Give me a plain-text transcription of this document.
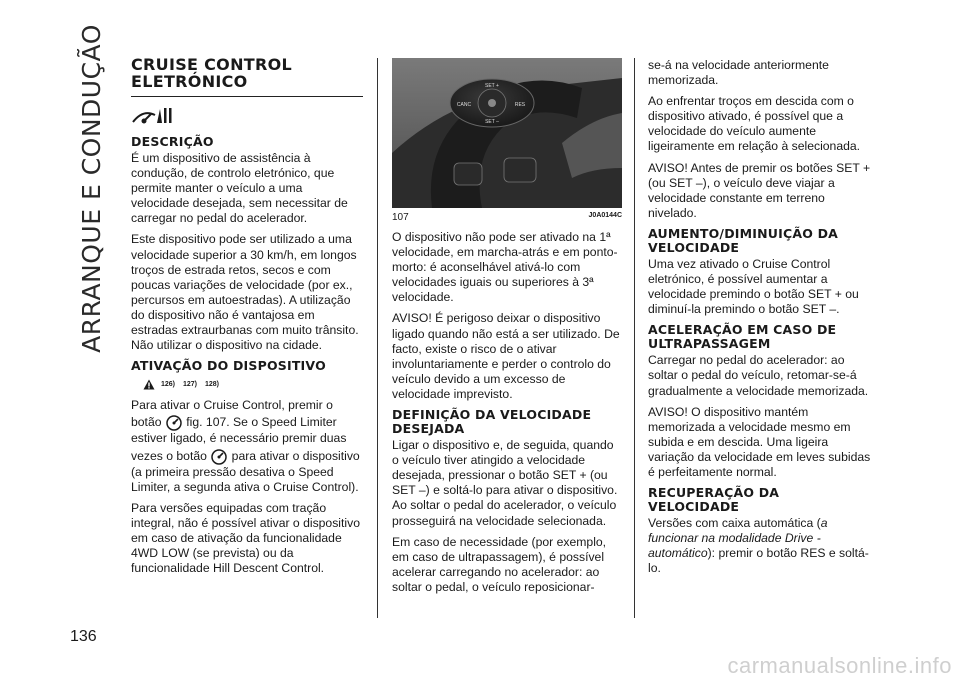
ARRANQUE E CONDUÇÃO
136
CRUISE CONTROL
ELETRÓNICO
DESCRIÇÃO

É um dispositivo de assistência à condução, de controlo eletrónico, que permite manter o veículo a uma velocidade desejada, sem necessitar de carregar no pedal do acelerador.

Este dispositivo pode ser utilizado a uma velocidade superior a 30 km/h, em longos troços de estrada retos, secos e com poucas variações de velocidade (por ex., percursos em autoestradas). A utilização do dispositivo não é vantajosa em estradas extraurbanas com muito trânsito. Não utilizar o dispositivo na cidade.

ATIVAÇÃO DO DISPOSITIVO
126) 127) 128)

Para ativar o Cruise Control, premir o botão fig. 107. Se o Speed Limiter estiver ligado, é necessário premir duas vezes o botão para ativar o dispositivo (a primeira pressão desativa o Speed Limiter, a segunda ativa o Cruise Control).

Para versões equipadas com tração integral, não é possível ativar o dispositivo em caso de ativação da funcionalidade 4WD LOW (se prevista) ou da funcionalidade Hill Descent Control.

SET +
SET –
CANC	RES
107	J0A0144C

O dispositivo não pode ser ativado na 1ª velocidade, em marcha-atrás e em ponto-morto: é aconselhável ativá-lo com velocidades iguais ou superiores à 3ª velocidade.

AVISO! É perigoso deixar o dispositivo ligado quando não está a ser utilizado. De facto, existe o risco de o ativar involuntariamente e perder o controlo do veículo devido a um excesso de velocidade imprevisto.

DEFINIÇÃO DA VELOCIDADE DESEJADA

Ligar o dispositivo e, de seguida, quando o veículo tiver atingido a velocidade desejada, pressionar o botão SET + (ou SET –) e soltá-lo para ativar o dispositivo. Ao soltar o pedal do acelerador, o veículo prosseguirá na velocidade selecionada.

Em caso de necessidade (por exemplo, em caso de ultrapassagem), é possível acelerar carregando no acelerador: ao soltar o pedal, o veículo reposicionar-

se-á na velocidade anteriormente memorizada.

Ao enfrentar troços em descida com o dispositivo ativado, é possível que a velocidade do veículo aumente ligeiramente em relação à selecionada.

AVISO! Antes de premir os botões SET + (ou SET –), o veículo deve viajar a velocidade constante em terreno nivelado.

AUMENTO/DIMINUIÇÃO DA VELOCIDADE

Uma vez ativado o Cruise Control eletrónico, é possível aumentar a velocidade premindo o botão SET + ou diminuí-la premindo o botão SET –.

ACELERAÇÃO EM CASO DE ULTRAPASSAGEM

Carregar no pedal do acelerador: ao soltar o pedal do veículo, retomar-se-á gradualmente a velocidade memorizada.

AVISO! O dispositivo mantém memorizada a velocidade mesmo em subida e em descida. Uma ligeira variação da velocidade em leves subidas é perfeitamente normal.

RECUPERAÇÃO DA VELOCIDADE

Versões com caixa automática (a funcionar na modalidade Drive - automático): premir o botão RES e soltá-lo.

carmanualsonline.info
